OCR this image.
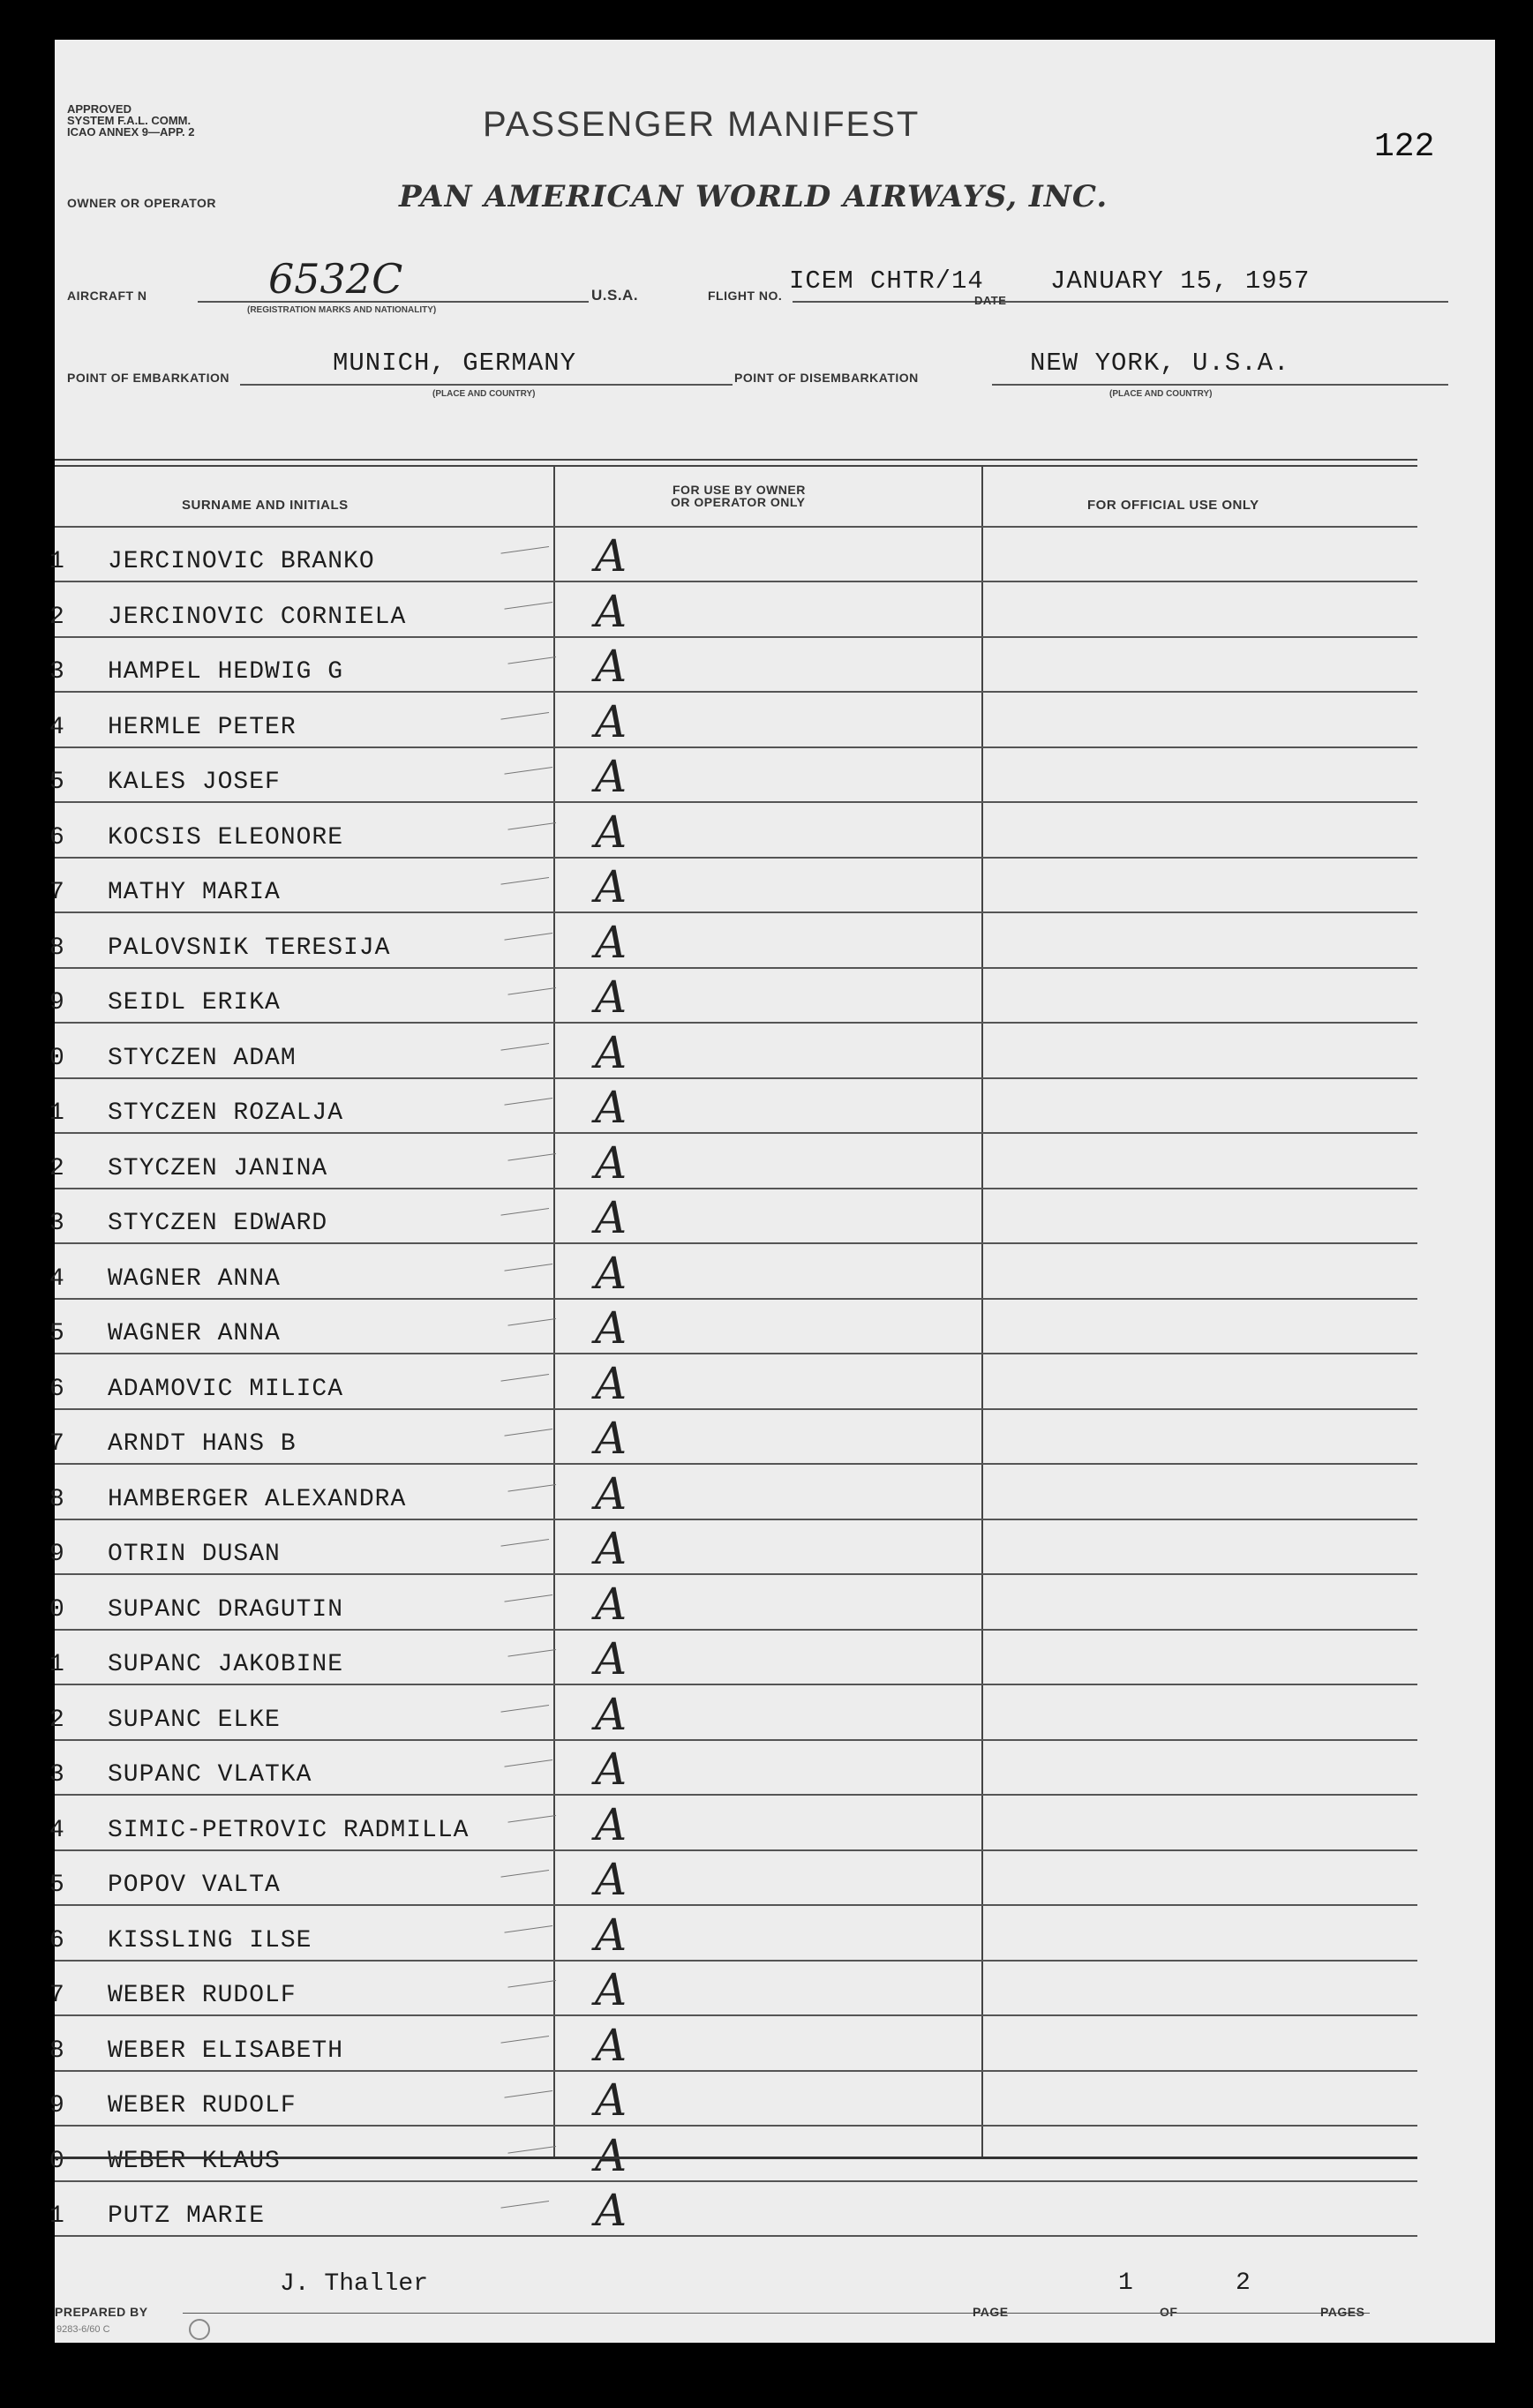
APPROVED
SYSTEM F.A.L. COMM.
ICAO ANNEX 9—APP. 2	PASSENGER MANIFEST
122
OWNER OR OPERATOR	PAN AMERICAN WORLD AIRWAYS, INC.
AIRCRAFT N	6532C
(REGISTRATION MARKS AND NATIONALITY)
U.S.A.	FLIGHT NO. ICEM CHTR/14
DATE
JANUARY 15, 1957
POINT OF EMBARKATION	MUNICH, GERMANY
(PLACE AND COUNTRY)
POINT OF DISEMBARKATION	NEW YORK, U.S.A.
(PLACE AND COUNTRY)
SURNAME AND INITIALS
FOR USE BY OWNER
OR OPERATOR ONLY	FOR OFFICIAL USE ONLY
1 JERCINOVIC BRANKO	A
2 JERCINOVIC CORNIELA	A
3 HAMPEL HEDWIG G	A
4 HERMLE PETER	A
5 KALES JOSEF	A
6 KOCSIS ELEONORE	A
7 MATHY MARIA	A
8 PALOVSNIK TERESIJA	A
9 SEIDL ERIKA	A
0 STYCZEN ADAM	A
1 STYCZEN ROZALJA	A
2 STYCZEN JANINA	A
3 STYCZEN EDWARD	A
4 WAGNER ANNA	A
5 WAGNER ANNA	A
6 ADAMOVIC MILICA	A
7 ARNDT HANS B	A
8 HAMBERGER ALEXANDRA	A
9 OTRIN DUSAN	A
0 SUPANC DRAGUTIN	A
1 SUPANC JAKOBINE	A
2 SUPANC ELKE	A
3 SUPANC VLATKA	A
4 SIMIC-PETROVIC RADMILLA	A
5 POPOV VALTA	A
6 KISSLING ILSE	A
7 WEBER RUDOLF	A
8 WEBER ELISABETH	A
9 WEBER RUDOLF	A
0 WEBER KLAUS	A
1 PUTZ MARIE	A
J. Thaller
PREPARED BY	PAGE
1
OF
2
PAGES
9283-6/60 C
